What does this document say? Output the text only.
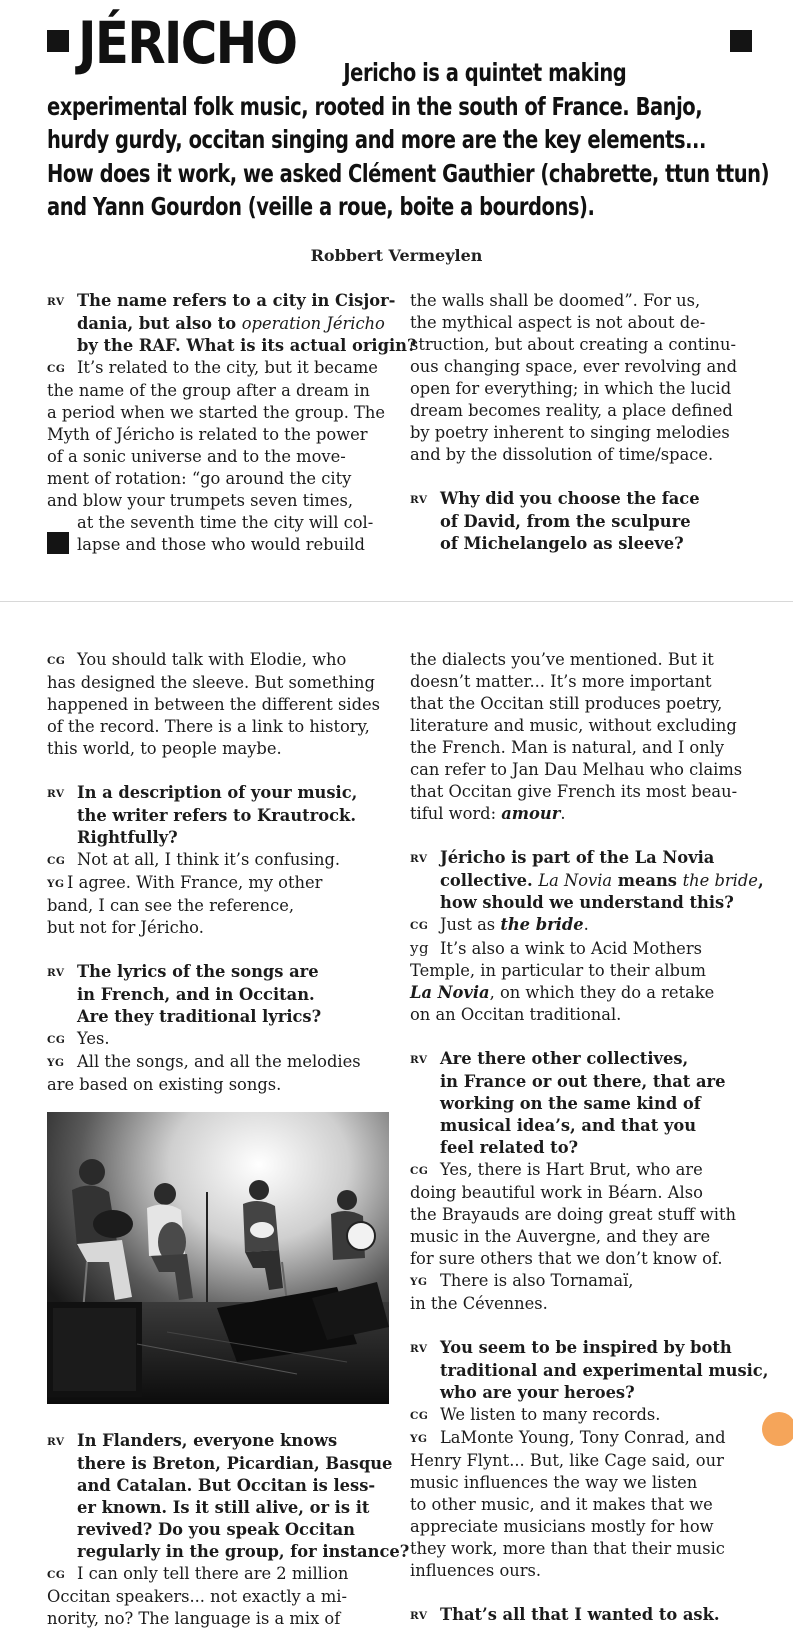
JÉRICHO	Jericho is a quintet making
experimental folk music, rooted in the south of France. Banjo,
hurdy gurdy, occitan singing and more are the key elements...
How does it work, we asked Clément Gauthier (chabrette, ttun ttun)
and Yann Gourdon (veille a roue, boite a bourdons).
Robbert Vermeylen
RV The name refers to a city in Cisjor-
dania, but also to operation Jéricho
by the RAF. What is its actual origin?
CG It’s related to the city, but it became
the name of the group after a dream in
a period when we started the group. The
Myth of Jéricho is related to the power
of a sonic universe and to the move-
ment of rotation: “go around the city
and blow your trumpets seven times,
at the seventh time the city will col-
lapse and those who would rebuild
the walls shall be doomed”. For us,
the mythical aspect is not about de-
struction, but about creating a continu-
ous changing space, ever revolving and
open for everything; in which the lucid
dream becomes reality, a place defined
by poetry inherent to singing melodies
and by the dissolution of time/space.
RV Why did you choose the face
of David, from the sculpure
of Michelangelo as sleeve?
CG You should talk with Elodie, who
has designed the sleeve. But something
happened in between the different sides
of the record. There is a link to history,
this world, to people maybe.
RV In a description of your music,
the writer refers to Krautrock.
Rightfully?
CG Not at all, I think it’s confusing.
YG I agree. With France, my other
band, I can see the reference,
but not for Jéricho.
RV The lyrics of the songs are
in French, and in Occitan.
Are they traditional lyrics?
CG Yes.
YG All the songs, and all the melodies
are based on existing songs.
RV In Flanders, everyone knows
there is Breton, Picardian, Basque
and Catalan. But Occitan is less-
er known. Is it still alive, or is it
revived? Do you speak Occitan
regularly in the group, for instance?
CG I can only tell there are 2 million
Occitan speakers... not exactly a mi-
nority, no? The language is a mix of
the dialects you’ve mentioned. But it
doesn’t matter... It’s more important
that the Occitan still produces poetry,
literature and music, without excluding
the French. Man is natural, and I only
can refer to Jan Dau Melhau who claims
that Occitan give French its most beau-
tiful word: amour.
RV Jéricho is part of the La Novia
collective. La Novia means the bride,
how should we understand this?
CG Just as the bride.
yg It’s also a wink to Acid Mothers
Temple, in particular to their album
La Novia, on which they do a retake
on an Occitan traditional.
RV Are there other collectives,
in France or out there, that are
working on the same kind of
musical idea’s, and that you
feel related to?
CG Yes, there is Hart Brut, who are
doing beautiful work in Béarn. Also
the Brayauds are doing great stuff with
music in the Auvergne, and they are
for sure others that we don’t know of.
YG There is also Tornamaï,
in the Cévennes.
RV You seem to be inspired by both
traditional and experimental music,
who are your heroes?
CG We listen to many records.
YG LaMonte Young, Tony Conrad, and
Henry Flynt... But, like Cage said, our
music influences the way we listen
to other music, and it makes that we
appreciate musicians mostly for how
they work, more than that their music
influences ours.
RV That’s all that I wanted to ask.
